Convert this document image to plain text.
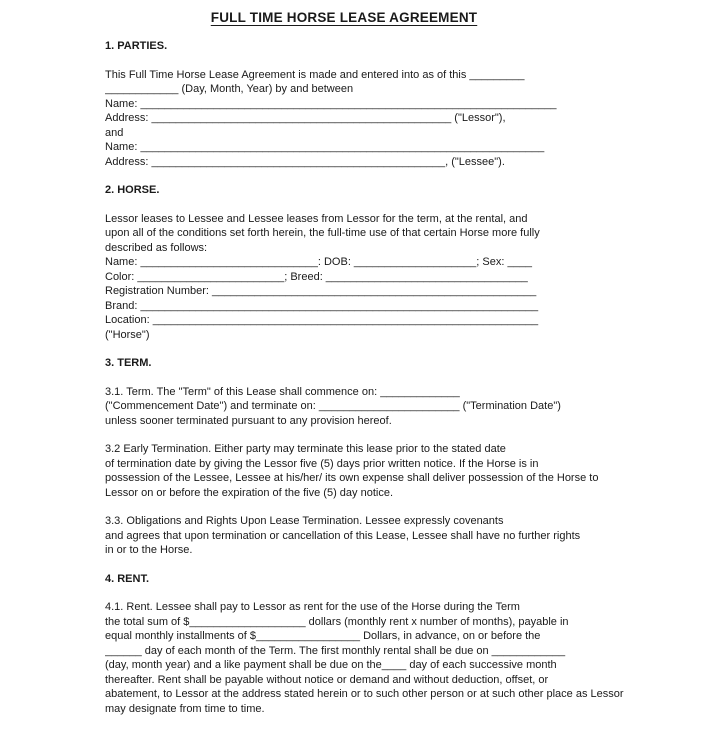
FULL TIME HORSE LEASE AGREEMENT
1. PARTIES.
This Full Time Horse Lease Agreement is made and entered into as of this _________
____________ (Day, Month, Year) by and between
Name: ____________________________________________________________________
Address: _________________________________________________ ("Lessor"),
and
Name: __________________________________________________________________
Address: ________________________________________________, ("Lessee").
2. HORSE.
Lessor leases to Lessee and Lessee leases from Lessor for the term, at the rental, and
upon all of the conditions set forth herein, the full-time use of that certain Horse more fully
described as follows:
Name: _____________________________: DOB: ____________________; Sex: ____
Color: ________________________; Breed: _________________________________
Registration Number: _____________________________________________________
Brand: _________________________________________________________________
Location: _______________________________________________________________
("Horse")
3. TERM.
3.1. Term. The "Term" of this Lease shall commence on: _____________
("Commencement Date") and terminate on: _______________________ ("Termination Date")
unless sooner terminated pursuant to any provision hereof.
3.2 Early Termination. Either party may terminate this lease prior to the stated date
of termination date by giving the Lessor five (5) days prior written notice. If the Horse is in
possession of the Lessee, Lessee at his/her/ its own expense shall deliver possession of the Horse to
Lessor on or before the expiration of the five (5) day notice.
3.3. Obligations and Rights Upon Lease Termination. Lessee expressly covenants
and agrees that upon termination or cancellation of this Lease, Lessee shall have no further rights
in or to the Horse.
4. RENT.
4.1. Rent. Lessee shall pay to Lessor as rent for the use of the Horse during the Term
the total sum of $___________________ dollars (monthly rent x number of months), payable in
equal monthly installments of $_________________ Dollars, in advance, on or before the
______ day of each month of the Term. The first monthly rental shall be due on ____________
(day, month year) and a like payment shall be due on the____ day of each successive month
thereafter. Rent shall be payable without notice or demand and without deduction, offset, or
abatement, to Lessor at the address stated herein or to such other person or at such other place as Lessor
may designate from time to time.
